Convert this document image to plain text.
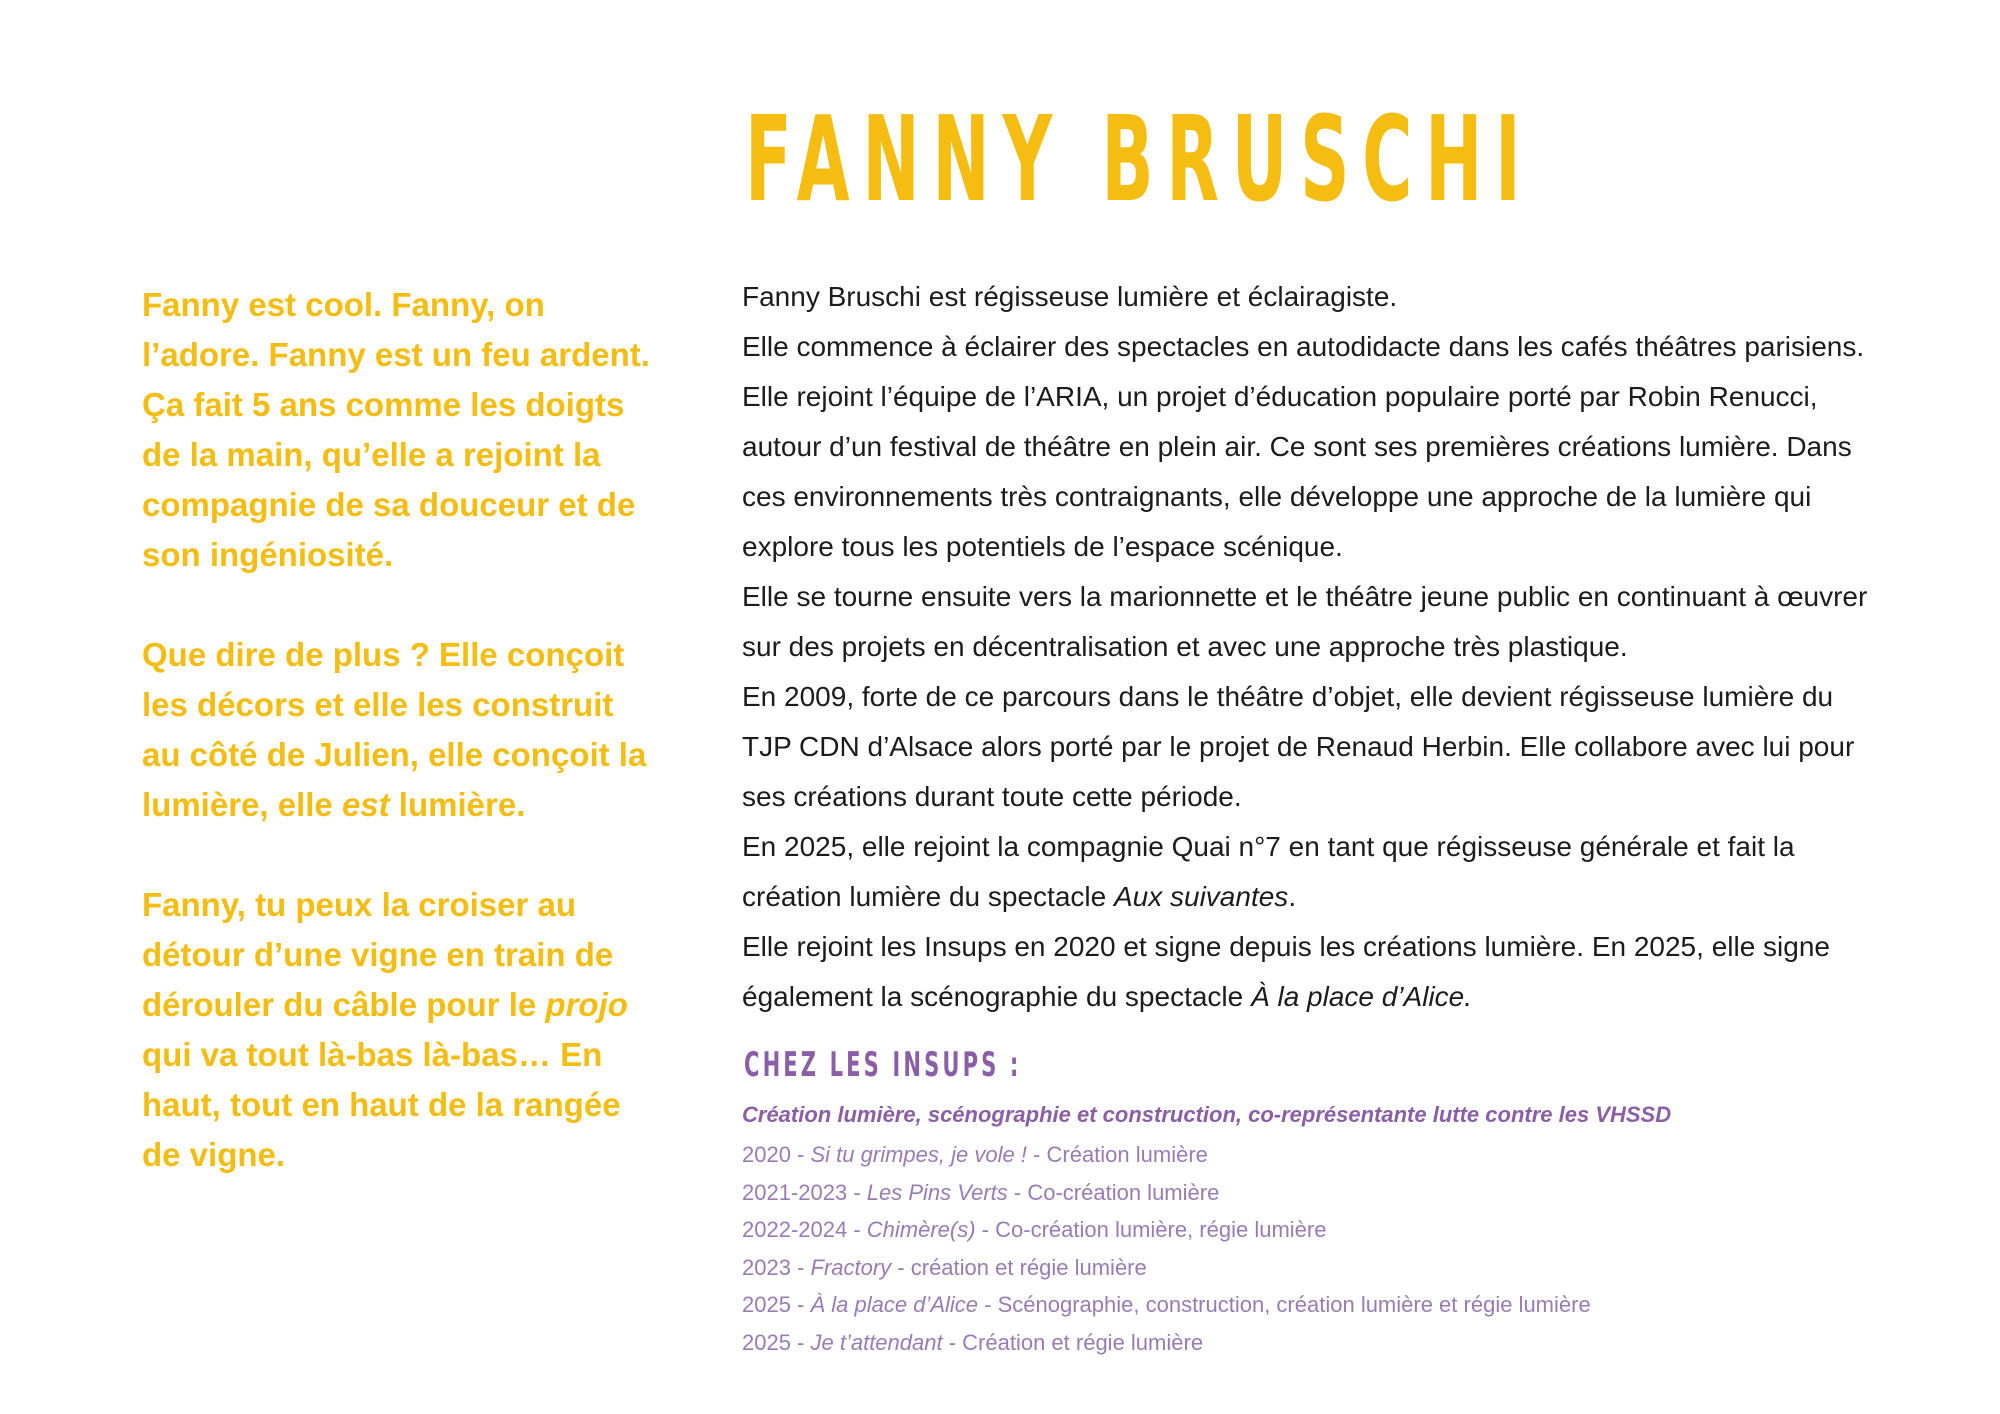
FANNY BRUSCHI

Fanny est cool. Fanny, on l’adore. Fanny est un feu ardent. Ça fait 5 ans comme les doigts de la main, qu’elle a rejoint la compagnie de sa douceur et de son ingéniosité.

Que dire de plus ? Elle conçoit les décors et elle les construit au côté de Julien, elle conçoit la lumière, elle est lumière.

Fanny, tu peux la croiser au détour d’une vigne en train de dérouler du câble pour le projo qui va tout là-bas là-bas… En haut, tout en haut de la rangée de vigne.

Fanny Bruschi est régisseuse lumière et éclairagiste.

Elle commence à éclairer des spectacles en autodidacte dans les cafés théâtres parisiens. Elle rejoint l’équipe de l’ARIA, un projet d’éducation populaire porté par Robin Renucci, autour d’un festival de théâtre en plein air. Ce sont ses premières créations lumière. Dans ces environnements très contraignants, elle développe une approche de la lumière qui explore tous les potentiels de l’espace scénique.

Elle se tourne ensuite vers la marionnette et le théâtre jeune public en continuant à œuvrer sur des projets en décentralisation et avec une approche très plastique.

En 2009, forte de ce parcours dans le théâtre d’objet, elle devient régisseuse lumière du TJP CDN d’Alsace alors porté par le projet de Renaud Herbin. Elle collabore avec lui pour ses créations durant toute cette période.

En 2025, elle rejoint la compagnie Quai n°7 en tant que régisseuse générale et fait la création lumière du spectacle Aux suivantes.

Elle rejoint les Insups en 2020 et signe depuis les créations lumière. En 2025, elle signe également la scénographie du spectacle À la place d’Alice.

CHEZ LES INSUPS :

Création lumière, scénographie et construction, co-représentante lutte contre les VHSSD

2020 - Si tu grimpes, je vole ! - Création lumière
2021-2023 - Les Pins Verts - Co-création lumière
2022-2024 - Chimère(s) - Co-création lumière, régie lumière
2023 - Fractory - création et régie lumière
2025 - À la place d’Alice - Scénographie, construction, création lumière et régie lumière
2025 - Je t’attendant - Création et régie lumière
